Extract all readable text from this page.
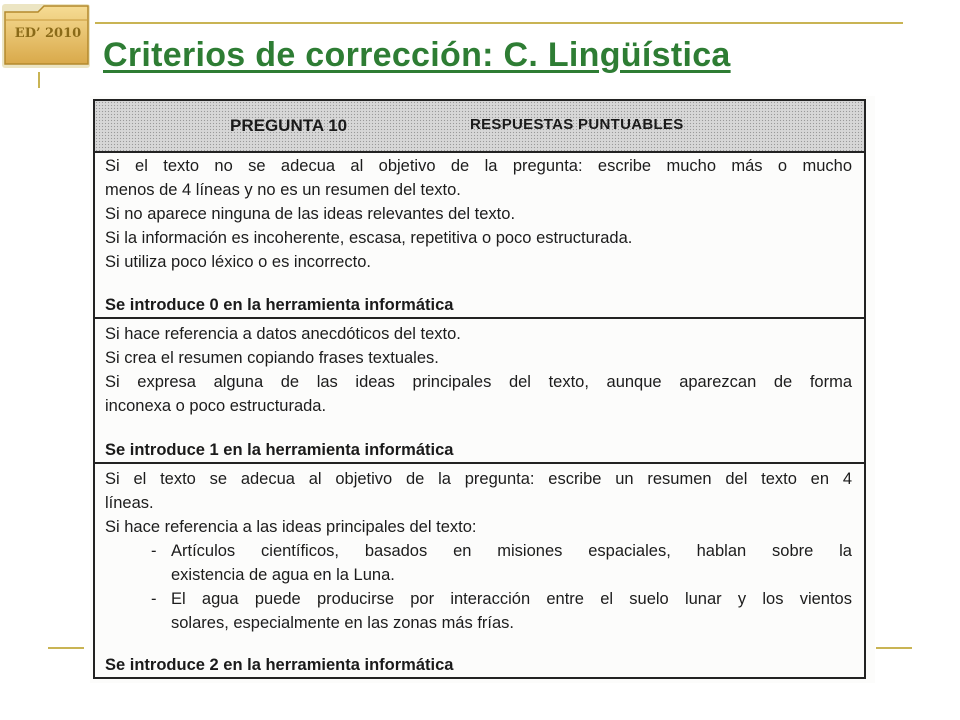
ED’ 2010
Criterios de corrección: C. Lingüística
PREGUNTA 10	RESPUESTAS PUNTUABLES
Si el texto no se adecua al objetivo de la pregunta: escribe mucho más o mucho
menos de 4 líneas y no es un resumen del texto.
Si no aparece ninguna de las ideas relevantes del texto.
Si la información es incoherente, escasa, repetitiva o poco estructurada.
Si utiliza poco léxico o es incorrecto.
Se introduce 0 en la herramienta informática
Si hace referencia a datos anecdóticos del texto.
Si crea el resumen copiando frases textuales.
Si expresa alguna de las ideas principales del texto, aunque aparezcan de forma
inconexa o poco estructurada.
Se introduce 1 en la herramienta informática
Si el texto se adecua al objetivo de la pregunta: escribe un resumen del texto en 4
líneas.
Si hace referencia a las ideas principales del texto:
- Artículos científicos, basados en misiones espaciales, hablan sobre la
existencia de agua en la Luna.
- El agua puede producirse por interacción entre el suelo lunar y los vientos
solares, especialmente en las zonas más frías.
Se introduce 2 en la herramienta informática
